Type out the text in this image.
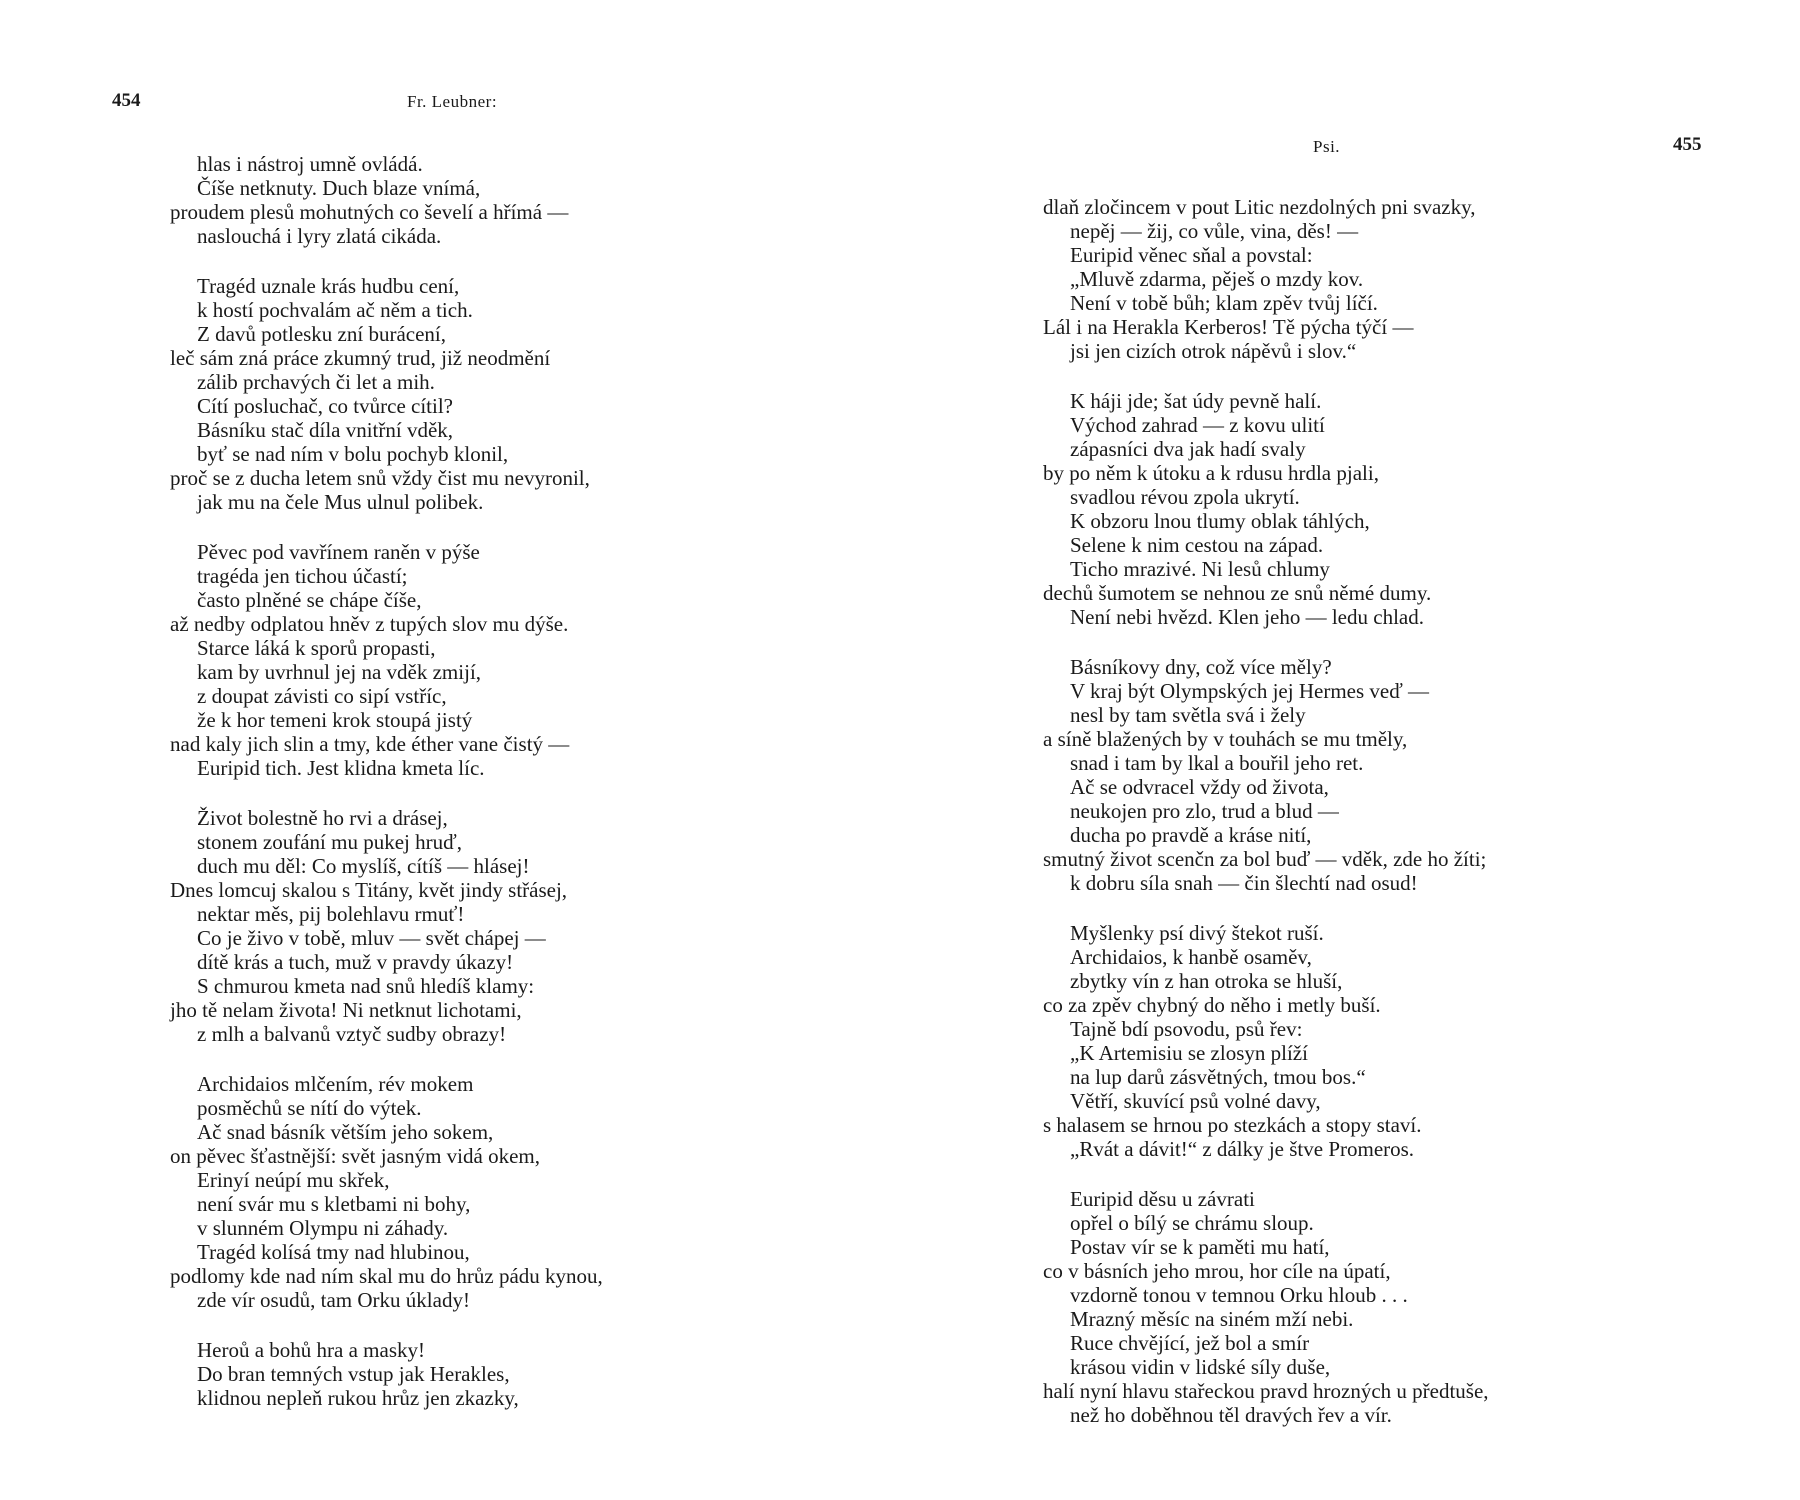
454	Fr. Leubner:
hlas i nástroj umně ovládá.
Číše netknuty. Duch blaze vnímá,
proudem plesů mohutných co ševelí a hřímá —
naslouchá i lyry zlatá cikáda.
Tragéd uznale krás hudbu cení,
k hostí pochvalám ač něm a tich.
Z davů potlesku zní burácení,
leč sám zná práce zkumný trud, již neodmění
zálib prchavých či let a mih.
Cítí posluchač, co tvůrce cítil?
Básníku stač díla vnitřní vděk,
byť se nad ním v bolu pochyb klonil,
proč se z ducha letem snů vždy čist mu nevyronil,
jak mu na čele Mus ulnul polibek.
Pěvec pod vavřínem raněn v pýše
tragéda jen tichou účastí;
často plněné se chápe číše,
až nedby odplatou hněv z tupých slov mu dýše.
Starce láká k sporů propasti,
kam by uvrhnul jej na vděk zmijí,
z doupat závisti co sipí vstříc,
že k hor temeni krok stoupá jistý
nad kaly jich slin a tmy, kde éther vane čistý —
Euripid tich. Jest klidna kmeta líc.
Život bolestně ho rvi a drásej,
stonem zoufání mu pukej hruď,
duch mu děl: Co myslíš, cítíš — hlásej!
Dnes lomcuj skalou s Titány, květ jindy střásej,
nektar měs, pij bolehlavu rmuť!
Co je živo v tobě, mluv — svět chápej —
dítě krás a tuch, muž v pravdy úkazy!
S chmurou kmeta nad snů hledíš klamy:
jho tě nelam života! Ni netknut lichotami,
z mlh a balvanů vztyč sudby obrazy!
Archidaios mlčením, rév mokem
posměchů se nítí do výtek.
Ač snad básník větším jeho sokem,
on pěvec šťastnější: svět jasným vidá okem,
Erinyí neúpí mu skřek,
není svár mu s kletbami ni bohy,
v slunném Olympu ni záhady.
Tragéd kolísá tmy nad hlubinou,
podlomy kde nad ním skal mu do hrůz pádu kynou,
zde vír osudů, tam Orku úklady!
Heroů a bohů hra a masky!
Do bran temných vstup jak Herakles,
klidnou nepleň rukou hrůz jen zkazky,
Psi.	455
dlaň zločincem v pout Litic nezdolných pni svazky,
nepěj — žij, co vůle, vina, děs! —
Euripid věnec sňal a povstal:
„Mluvě zdarma, pěješ o mzdy kov.
Není v tobě bůh; klam zpěv tvůj líčí.
Lál i na Herakla Kerberos! Tě pýcha týčí —
jsi jen cizích otrok nápěvů i slov.“
K háji jde; šat údy pevně halí.
Východ zahrad — z kovu ulití
zápasníci dva jak hadí svaly
by po něm k útoku a k rdusu hrdla pjali,
svadlou révou zpola ukrytí.
K obzoru lnou tlumy oblak táhlých,
Selene k nim cestou na západ.
Ticho mrazivé. Ni lesů chlumy
dechů šumotem se nehnou ze snů němé dumy.
Není nebi hvězd. Klen jeho — ledu chlad.
Básníkovy dny, což více měly?
V kraj být Olympských jej Hermes veď —
nesl by tam světla svá i žely
a síně blažených by v touhách se mu tměly,
snad i tam by lkal a bouřil jeho ret.
Ač se odvracel vždy od života,
neukojen pro zlo, trud a blud —
ducha po pravdě a kráse nití,
smutný život scenčn za bol buď — vděk, zde ho žíti;
k dobru síla snah — čin šlechtí nad osud!
Myšlenky psí divý štekot ruší.
Archidaios, k hanbě osaměv,
zbytky vín z han otroka se hluší,
co za zpěv chybný do něho i metly buší.
Tajně bdí psovodu, psů řev:
„K Artemisiu se zlosyn plíží
na lup darů zásvětných, tmou bos.“
Větří, skuvící psů volné davy,
s halasem se hrnou po stezkách a stopy staví.
„Rvát a dávit!“ z dálky je štve Promeros.
Euripid děsu u závrati
opřel o bílý se chrámu sloup.
Postav vír se k paměti mu hatí,
co v básních jeho mrou, hor cíle na úpatí,
vzdorně tonou v temnou Orku hloub . . .
Mrazný měsíc na siném mží nebi.
Ruce chvějící, jež bol a smír
krásou vidin v lidské síly duše,
halí nyní hlavu stařeckou pravd hrozných u předtuše,
než ho doběhnou těl dravých řev a vír.
